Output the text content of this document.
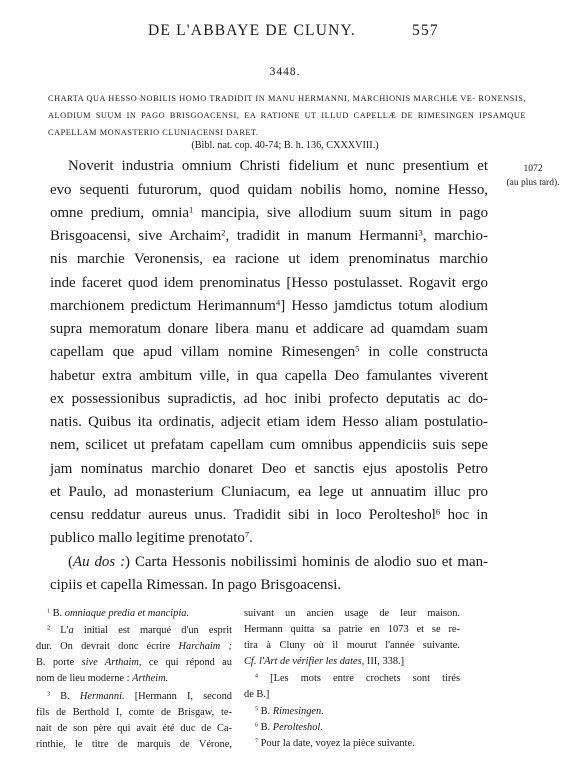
DE L'ABBAYE DE CLUNY.	557
3448.
CHARTA QUA HESSO NOBILIS HOMO TRADIDIT IN MANU HERMANNI, MARCHIONIS MARCHIÆ VE- RONENSIS, ALODIUM SUUM IN PAGO BRISGOACENSI, EA RATIONE UT ILLUD CAPELLÆ DE RIMESINGEN IPSAMQUE CAPELLAM MONASTERIO CLUNIACENSI DARET.
(Bibl. nat. cop. 40-74; B. h. 136, CXXXVIII.)
1072
(au plus tard).
Noverit industria omnium Christi fidelium et nunc presentium et
evo sequenti futurorum, quod quidam nobilis homo, nomine Hesso,
omne predium, omnia$^1$ mancipia, sive allodium suum situm in pago
Brisgoacensi, sive Archaim$^2$, tradidit in manum Hermanni$^3$, marchio-
nis marchie Veronensis, ea racione ut idem prenominatus marchio
inde faceret quod idem prenominatus [Hesso postulasset. Rogavit ergo
marchionem predictum Herimannum$^4$] Hesso jamdictus totum alodium
supra memoratum donare libera manu et addicare ad quamdam suam
capellam que apud villam nomine Rimesengen$^5$ in colle constructa
habetur extra ambitum ville, in qua capella Deo famulantes viverent
ex possessionibus supradictis, ad hoc inibi profecto deputatis ac do-
natis. Quibus ita ordinatis, adjecit etiam idem Hesso aliam postulatio-
nem, scilicet ut prefatam capellam cum omnibus appendiciis suis sepe
jam nominatus marchio donaret Deo et sanctis ejus apostolis Petro
et Paulo, ad monasterium Cluniacum, ea lege ut annuatim illuc pro
censu reddatur aureus unus. Tradidit sibi in loco Perolteshol$^6$ hoc in
publico mallo legitime prenotato$^7$.
(Au dos :) Carta Hessonis nobilissimi hominis de alodio suo et man-
cipiis et capella Rimessan. In pago Brisgoacensi.
$^1$ B. omniaque predia et mancipia.
$^2$ L'a initial est marqué d'un esprit
dur. On devrait donc écrire Harchaim ;
B. porte sive Arthaim, ce qui répond au
nom de lieu moderne : Artheim.
$^3$ B. Hermanni. [Hermann I, second
fils de Berthold I, comte de Brisgaw, te-
nait de son père qui avait été duc de Ca-
rinthie, le titre de marquis de Vérone,
suivant un ancien usage de leur maison.
Hermann quitta sa patrie en 1073 et se re-
tira à Cluny où il mourut l'année suivante.
Cf. l'Art de vérifier les dates, III, 338.]
$^4$ [Les mots entre crochets sont tirés
de B.]
$^5$ B. Rimesingen.
$^6$ B. Perolteshol.
$^7$ Pour la date, voyez la pièce suivante.
